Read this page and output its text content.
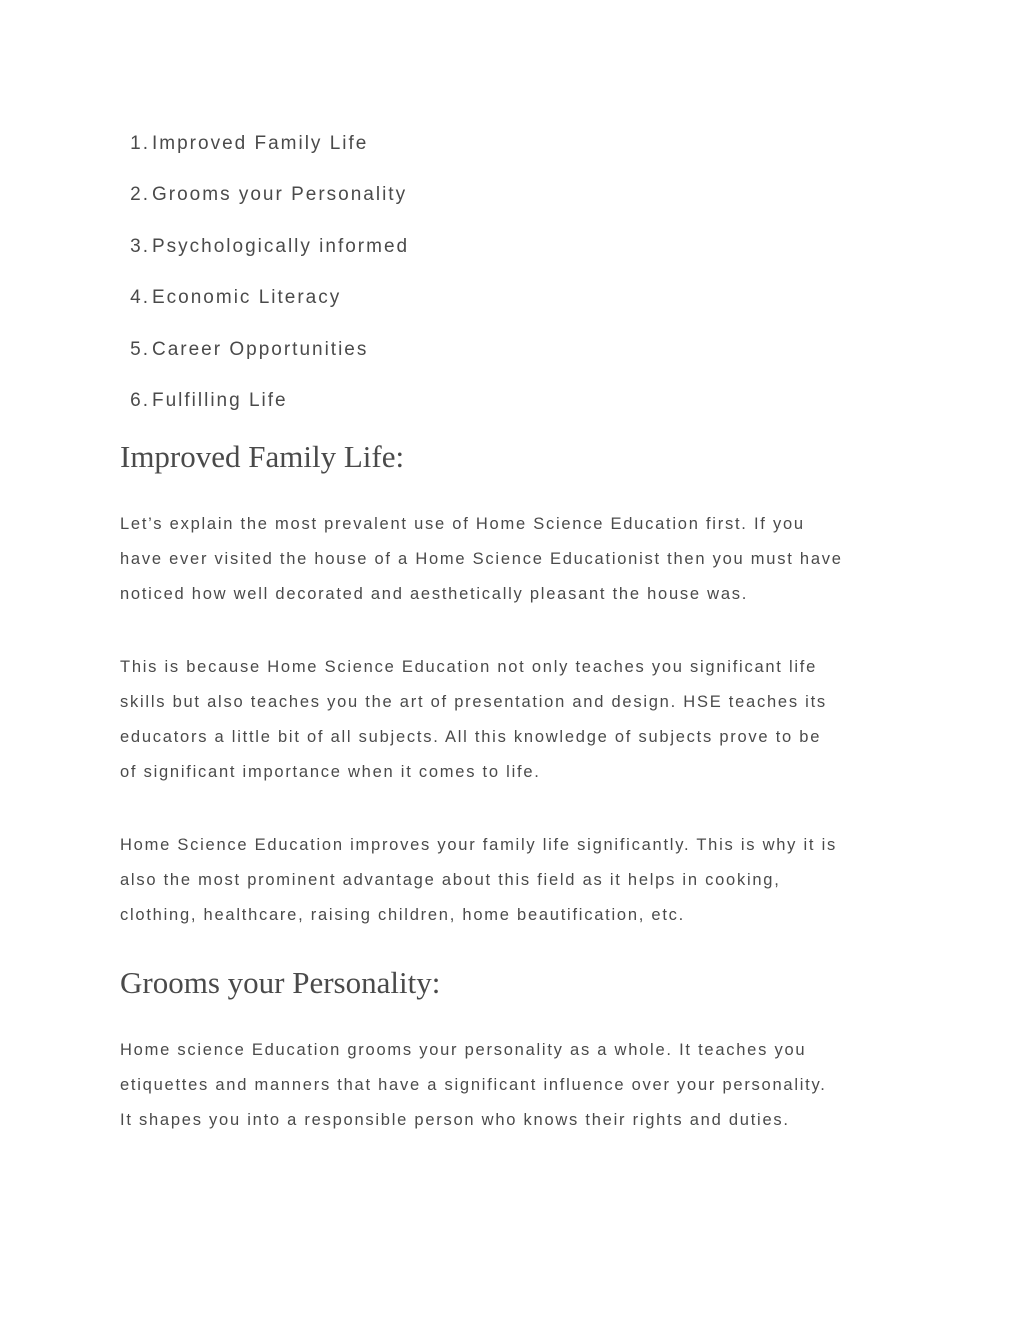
1 . Improved Family Life
2 . Grooms your Personality
3 . Psychologically informed
4 . Economic Literacy
5 . Career Opportunities
6 . Fulfilling Life
Improved Family Life:

Let’s explain the most prevalent use of Home Science Education first. If you
have ever visited the house of a Home Science Educationist then you must have
noticed how well decorated and aesthetically pleasant the house was.

This is because Home Science Education not only teaches you significant life
skills but also teaches you the art of presentation and design. HSE teaches its
educators a little bit of all subjects. All this knowledge of subjects prove to be
of significant importance when it comes to life.

Home Science Education improves your family life significantly. This is why it is
also the most prominent advantage about this field as it helps in cooking,
clothing, healthcare, raising children, home beautification, etc.

Grooms your Personality:

Home science Education grooms your personality as a whole. It teaches you
etiquettes and manners that have a significant influence over your personality.
It shapes you into a responsible person who knows their rights and duties.
